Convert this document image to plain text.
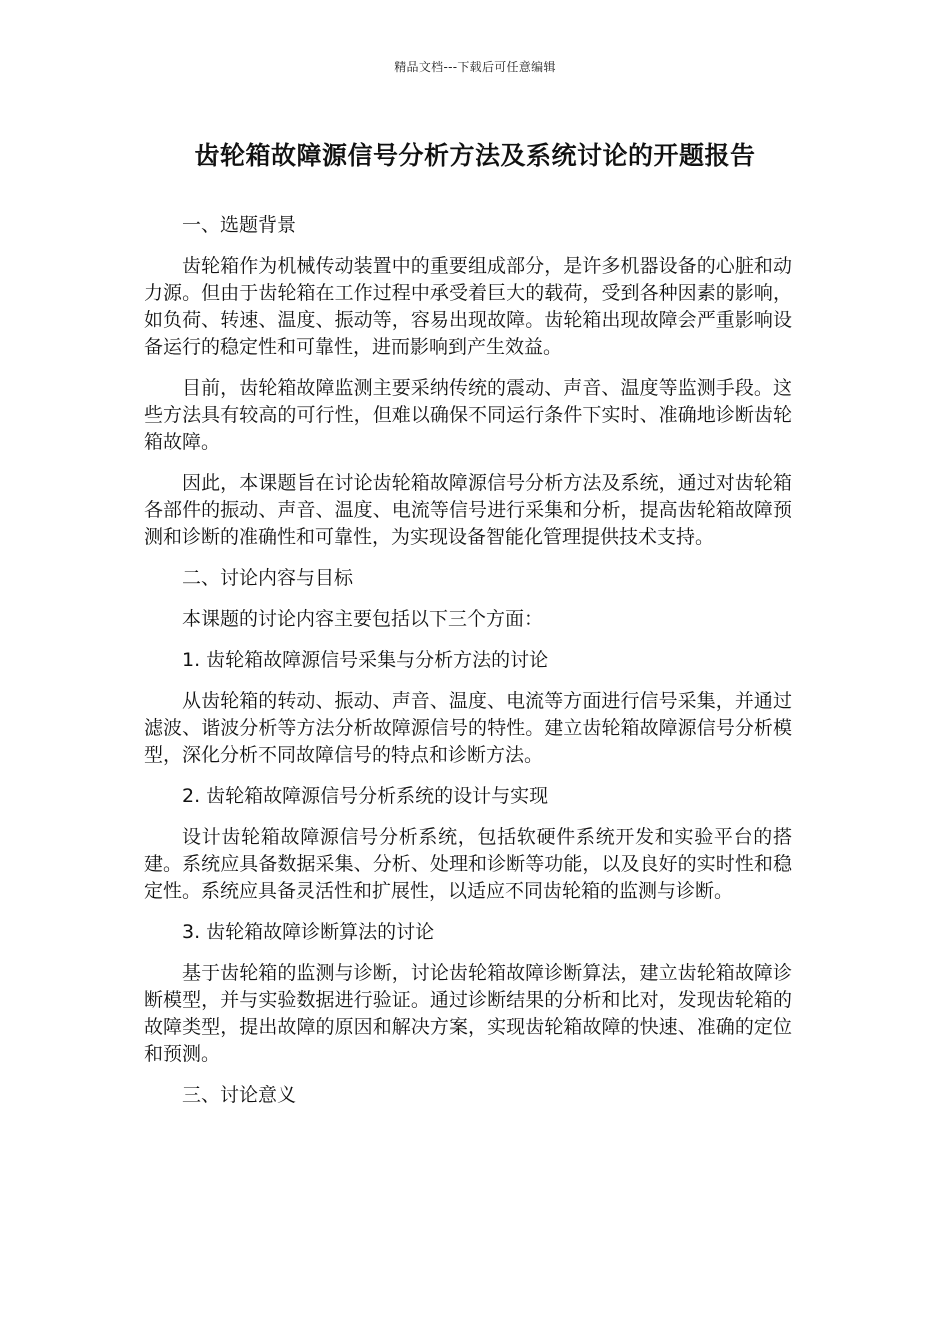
精品文档---下载后可任意编辑
齿轮箱故障源信号分析方法及系统讨论的开题报告
一、选题背景
齿轮箱作为机械传动装置中的重要组成部分，是许多机器设备的心脏和动力源。但由于齿轮箱在工作过程中承受着巨大的载荷，受到各种因素的影响，如负荷、转速、温度、振动等，容易出现故障。齿轮箱出现故障会严重影响设备运行的稳定性和可靠性，进而影响到产生效益。
目前，齿轮箱故障监测主要采纳传统的震动、声音、温度等监测手段。这些方法具有较高的可行性，但难以确保不同运行条件下实时、准确地诊断齿轮箱故障。
因此，本课题旨在讨论齿轮箱故障源信号分析方法及系统，通过对齿轮箱各部件的振动、声音、温度、电流等信号进行采集和分析，提高齿轮箱故障预测和诊断的准确性和可靠性，为实现设备智能化管理提供技术支持。
二、讨论内容与目标
本课题的讨论内容主要包括以下三个方面：
1. 齿轮箱故障源信号采集与分析方法的讨论
从齿轮箱的转动、振动、声音、温度、电流等方面进行信号采集，并通过滤波、谐波分析等方法分析故障源信号的特性。建立齿轮箱故障源信号分析模型，深化分析不同故障信号的特点和诊断方法。
2. 齿轮箱故障源信号分析系统的设计与实现
设计齿轮箱故障源信号分析系统，包括软硬件系统开发和实验平台的搭建。系统应具备数据采集、分析、处理和诊断等功能，以及良好的实时性和稳定性。系统应具备灵活性和扩展性，以适应不同齿轮箱的监测与诊断。
3. 齿轮箱故障诊断算法的讨论
基于齿轮箱的监测与诊断，讨论齿轮箱故障诊断算法，建立齿轮箱故障诊断模型，并与实验数据进行验证。通过诊断结果的分析和比对，发现齿轮箱的故障类型，提出故障的原因和解决方案，实现齿轮箱故障的快速、准确的定位和预测。
三、讨论意义
